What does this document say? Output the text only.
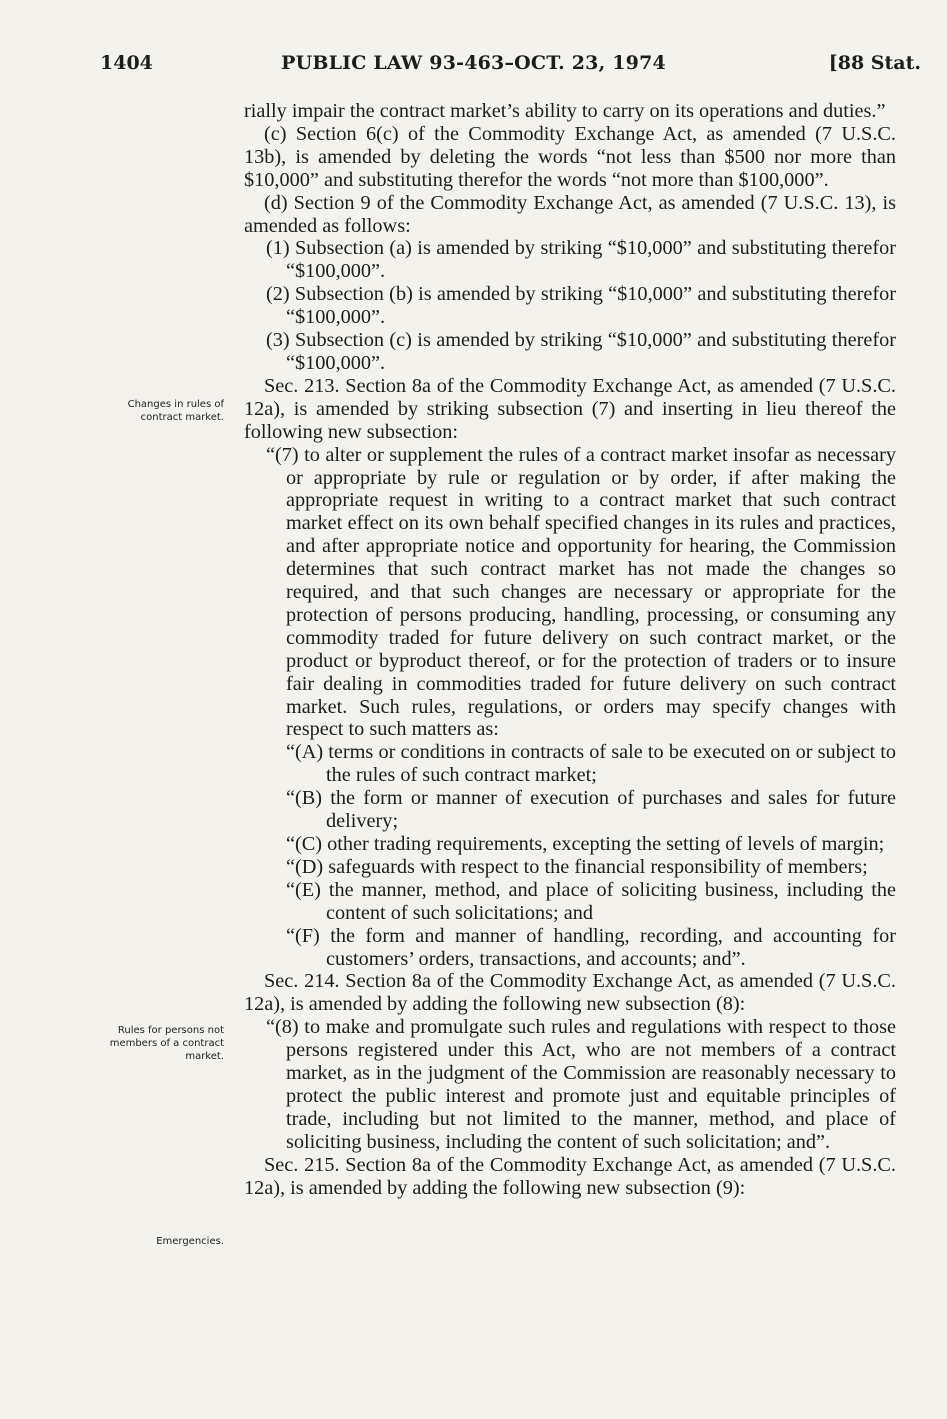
1404	PUBLIC LAW 93-463–OCT. 23, 1974	[88 Stat.
Changes in rules of contract market.
Rules for persons not members of a contract market.
Emergencies.

rially impair the contract market’s ability to carry on its operations and duties.”

(c) Section 6(c) of the Commodity Exchange Act, as amended (7 U.S.C. 13b), is amended by deleting the words “not less than $500 nor more than $10,000” and substituting therefor the words “not more than $100,000”.

(d) Section 9 of the Commodity Exchange Act, as amended (7 U.S.C. 13), is amended as follows:

(1) Subsection (a) is amended by striking “$10,000” and substituting therefor “$100,000”.

(2) Subsection (b) is amended by striking “$10,000” and substituting therefor “$100,000”.

(3) Subsection (c) is amended by striking “$10,000” and substituting therefor “$100,000”.

Sec. 213. Section 8a of the Commodity Exchange Act, as amended (7 U.S.C. 12a), is amended by striking subsection (7) and inserting in lieu thereof the following new subsection:

“(7) to alter or supplement the rules of a contract market insofar as necessary or appropriate by rule or regulation or by order, if after making the appropriate request in writing to a contract market that such contract market effect on its own behalf specified changes in its rules and practices, and after appropriate notice and opportunity for hearing, the Commission determines that such contract market has not made the changes so required, and that such changes are necessary or appropriate for the protection of persons producing, handling, processing, or consuming any commodity traded for future delivery on such contract market, or the product or byproduct thereof, or for the protection of traders or to insure fair dealing in commodities traded for future delivery on such contract market. Such rules, regulations, or orders may specify changes with respect to such matters as:

“(A) terms or conditions in contracts of sale to be executed on or subject to the rules of such contract market;

“(B) the form or manner of execution of purchases and sales for future delivery;

“(C) other trading requirements, excepting the setting of levels of margin;

“(D) safeguards with respect to the financial responsibility of members;

“(E) the manner, method, and place of soliciting business, including the content of such solicitations; and

“(F) the form and manner of handling, recording, and accounting for customers’ orders, transactions, and accounts; and”.

Sec. 214. Section 8a of the Commodity Exchange Act, as amended (7 U.S.C. 12a), is amended by adding the following new subsection (8):

“(8) to make and promulgate such rules and regulations with respect to those persons registered under this Act, who are not members of a contract market, as in the judgment of the Commission are reasonably necessary to protect the public interest and promote just and equitable principles of trade, including but not limited to the manner, method, and place of soliciting business, including the content of such solicitation; and”.

Sec. 215. Section 8a of the Commodity Exchange Act, as amended (7 U.S.C. 12a), is amended by adding the following new subsection (9):
